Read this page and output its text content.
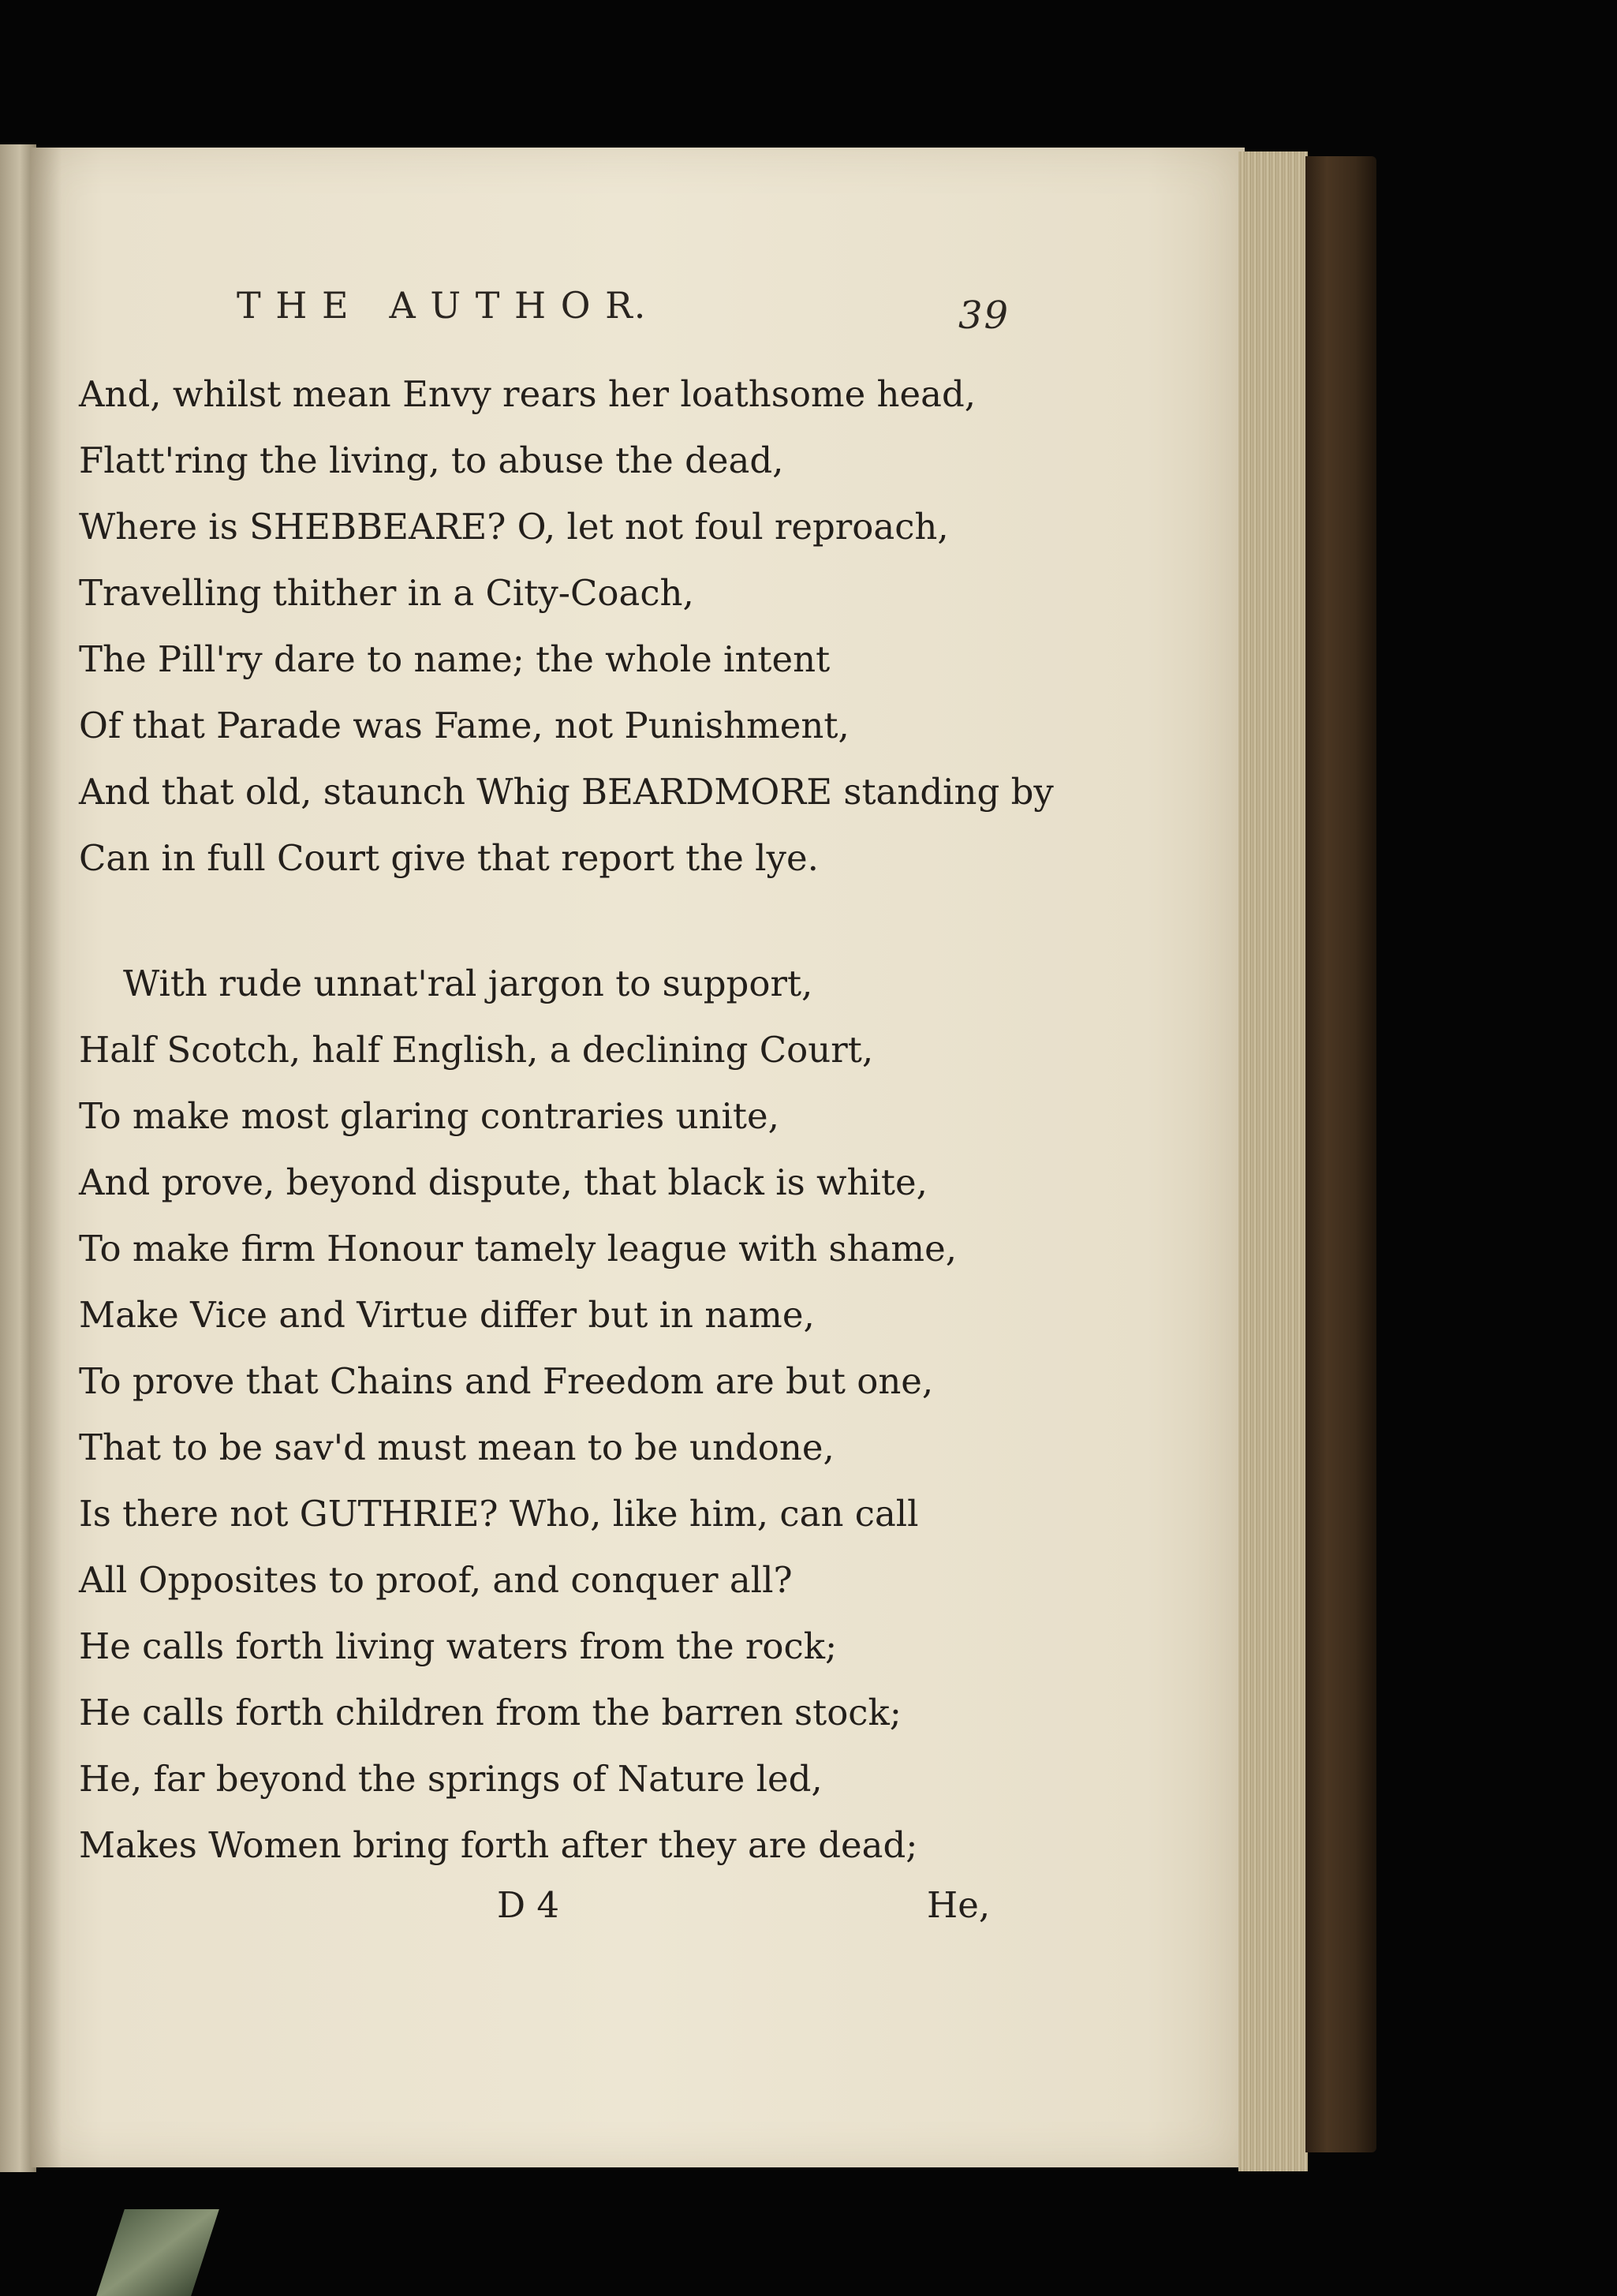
T H E   A U T H O R.	39
And, whilst mean Envy rears her loathsome head,
Flatt'ring the living, to abuse the dead,
Where is SHEBBEARE? O, let not foul reproach,
Travelling thither in a City-Coach,
The Pill'ry dare to name; the whole intent
Of that Parade was Fame, not Punishment,
And that old, staunch Whig BEARDMORE standing by
Can in full Court give that report the lye.
With rude unnat'ral jargon to support,
Half Scotch, half English, a declining Court,
To make most glaring contraries unite,
And prove, beyond dispute, that black is white,
To make firm Honour tamely league with shame,
Make Vice and Virtue differ but in name,
To prove that Chains and Freedom are but one,
That to be sav'd must mean to be undone,
Is there not GUTHRIE? Who, like him, can call
All Opposites to proof, and conquer all?
He calls forth living waters from the rock;
He calls forth children from the barren stock;
He, far beyond the springs of Nature led,
Makes Women bring forth after they are dead;
D 4	He,
